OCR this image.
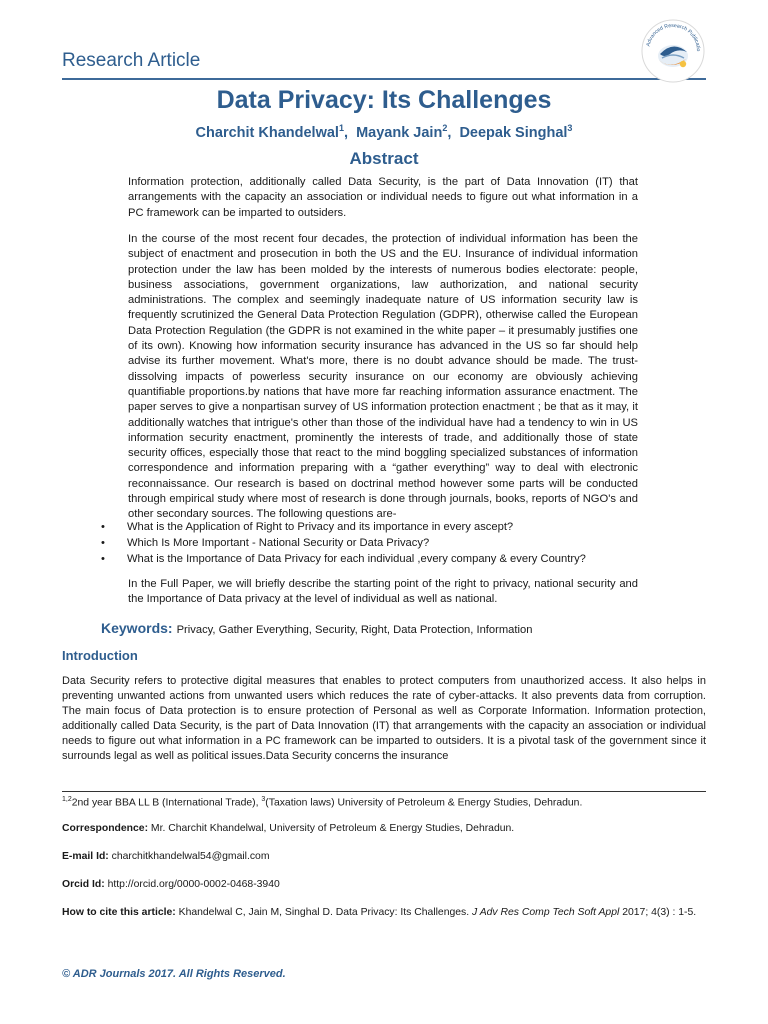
Research Article
Advanced Research Publicatio
Data Privacy: Its Challenges
Charchit Khandelwal$^1$,  Mayank Jain$^2$,  Deepak Singhal$^3$
Abstract
Information protection, additionally called Data Security, is the part of Data Innovation (IT) that arrangements with the capacity an association or individual needs to figure out what information in a PC framework can be imparted to outsiders.
In the course of the most recent four decades, the protection of individual information has been the subject of enactment and prosecution in both the US and the EU. Insurance of individual information protection under the law has been molded by the interests of numerous bodies electorate: people, business associations, government organizations, law authorization, and national security administrations. The complex and seemingly inadequate nature of US information security law is frequently scrutinized the General Data Protection Regulation (GDPR), otherwise called the European Data Protection Regulation (the GDPR is not examined in the white paper – it presumably justifies one of its own). Knowing how information security insurance has advanced in the US so far should help advise its further movement. What's more, there is no doubt advance should be made. The trust-dissolving impacts of powerless security insurance on our economy are obviously achieving quantifiable proportions.by nations that have more far reaching information assurance enactment. The paper serves to give a nonpartisan survey of US information protection enactment ; be that as it may, it additionally watches that intrigue's other than those of the individual have had a tendency to win in US information security enactment, prominently the interests of trade, and additionally those of state security offices, especially those that react to the mind boggling specialized substances of information correspondence and information preparing with a “gather everything” way to deal with electronic reconnaissance. Our research is based on doctrinal method however some parts will be conducted through empirical study where most of research is done through journals, books, reports of NGO's and other secondary sources. The following questions are-
• What is the Application of Right to Privacy and its importance in every ascept?
• Which Is More Important - National Security or Data Privacy?
• What is the Importance of Data Privacy for each individual ,every company & every Country?
In the Full Paper, we will briefly describe the starting point of the right to privacy, national security and the Importance of Data privacy at the level of individual as well as national.
Keywords: Privacy, Gather Everything, Security, Right, Data Protection, Information
Introduction
Data Security refers to protective digital measures that enables to protect computers from unauthorized access. It also helps in preventing unwanted actions from unwanted users which reduces the rate of cyber-attacks. It also prevents data from corruption. The main focus of Data protection is to ensure protection of Personal as well as Corporate Information. Information protection, additionally called Data Security, is the part of Data Innovation (IT) that arrangements with the capacity an association or individual needs to figure out what information in a PC framework can be imparted to outsiders. It is a pivotal task of the government since it surrounds legal as well as political issues.Data Security concerns the insurance
$^{1,2}$2nd year BBA LL B (International Trade), $^3$(Taxation laws) University of Petroleum & Energy Studies, Dehradun.
Correspondence: Mr. Charchit Khandelwal, University of Petroleum & Energy Studies, Dehradun.
E-mail Id: charchitkhandelwal54@gmail.com
Orcid Id: http://orcid.org/0000-0002-0468-3940
How to cite this article: Khandelwal C, Jain M, Singhal D. Data Privacy: Its Challenges. J Adv Res Comp Tech Soft Appl 2017; 4(3) : 1-5.
© ADR Journals 2017. All Rights Reserved.
